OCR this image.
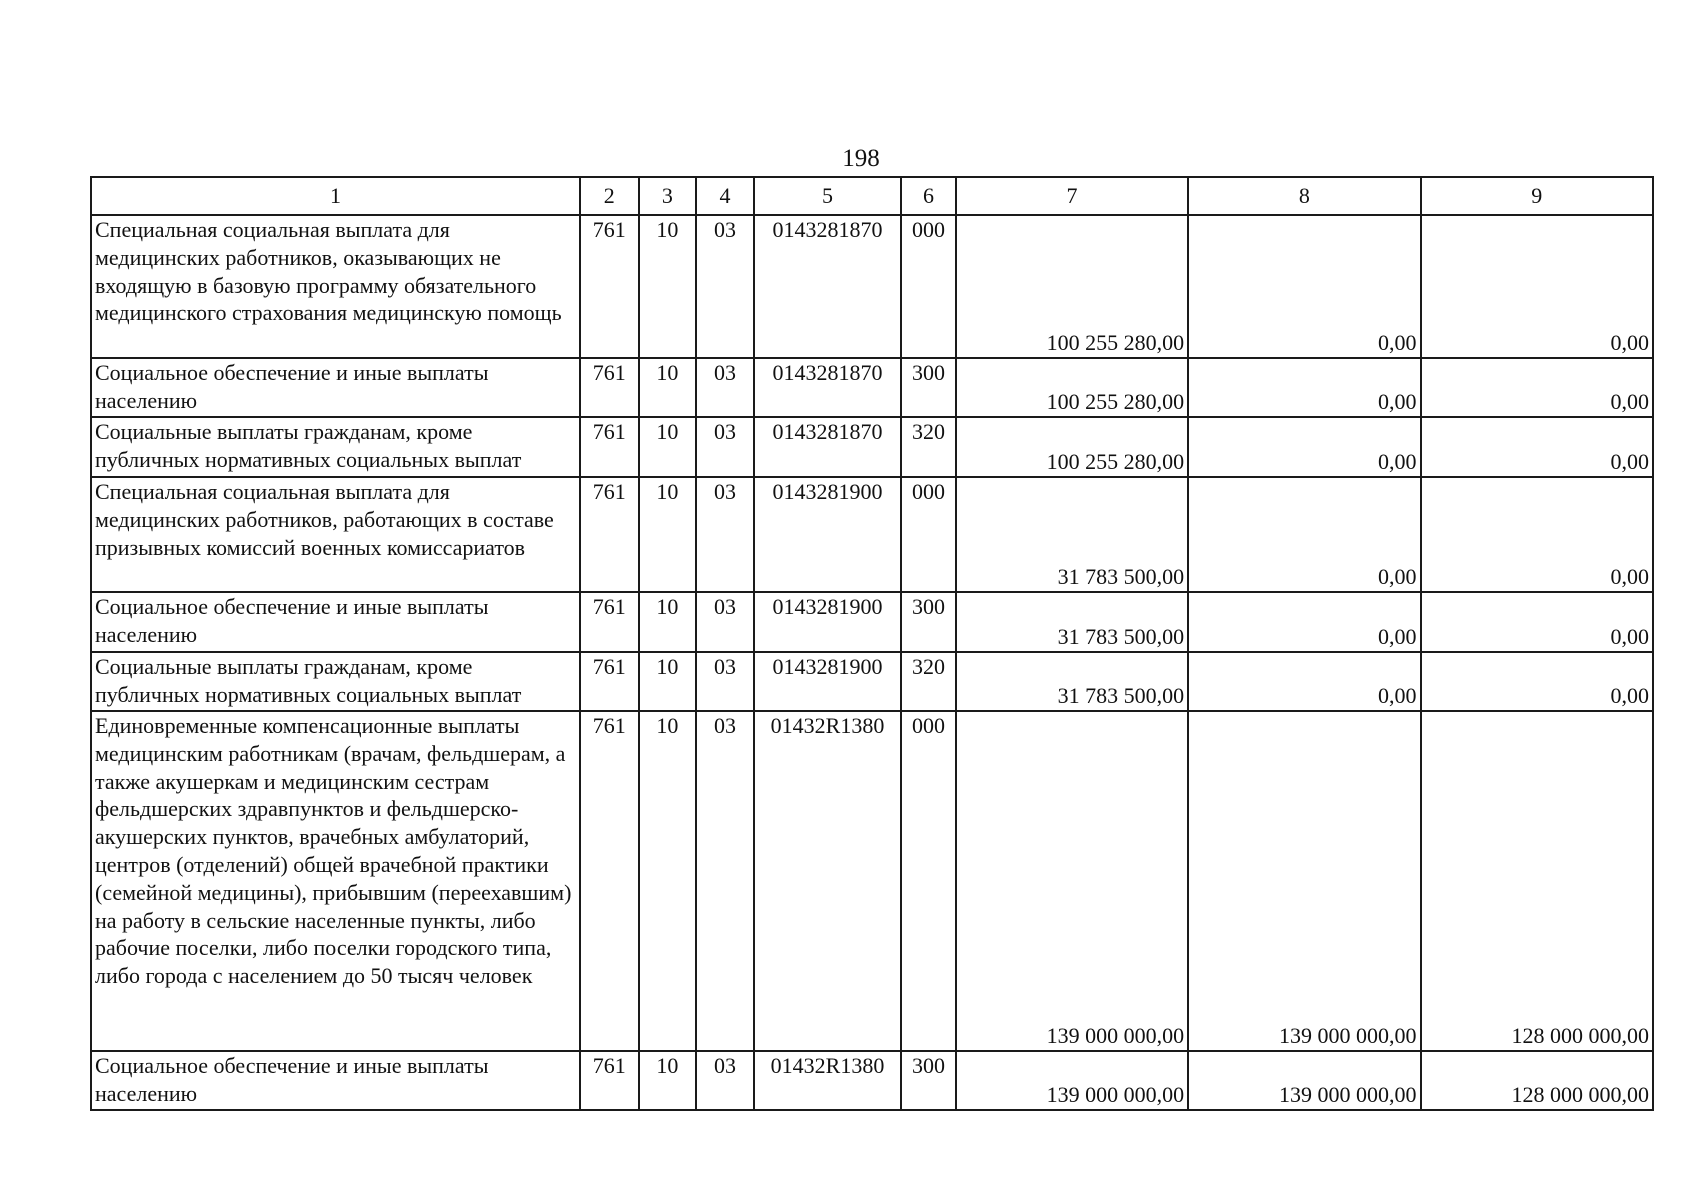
198
1	2	3	4	5	6	7	8	9
Специальная социальная выплата для медицинских работников, оказывающих не входящую в базовую программу обязательного медицинского страхования медицинскую помощь	761	10	03	0143281870	000	100 255 280,00	0,00	0,00
Социальное обеспечение и иные выплаты населению	761	10	03	0143281870	300	100 255 280,00	0,00	0,00
Социальные выплаты гражданам, кроме публичных нормативных социальных выплат	761	10	03	0143281870	320	100 255 280,00	0,00	0,00
Специальная социальная выплата для медицинских работников, работающих в составе призывных комиссий военных комиссариатов	761	10	03	0143281900	000	31 783 500,00	0,00	0,00
Социальное обеспечение и иные выплаты населению	761	10	03	0143281900	300	31 783 500,00	0,00	0,00
Социальные выплаты гражданам, кроме публичных нормативных социальных выплат	761	10	03	0143281900	320	31 783 500,00	0,00	0,00
Единовременные компенсационные выплаты медицинским работникам (врачам, фельдшерам, а также акушеркам и медицинским сестрам фельдшерских здравпунктов и фельдшерско-акушерских пунктов, врачебных амбулаторий, центров (отделений) общей врачебной практики (семейной медицины), прибывшим (переехавшим) на работу в сельские населенные пункты, либо рабочие поселки, либо поселки городского типа, либо города с населением до 50 тысяч человек	761	10	03	01432R1380	000	139 000 000,00	139 000 000,00	128 000 000,00
Социальное обеспечение и иные выплаты населению	761	10	03	01432R1380	300	139 000 000,00	139 000 000,00	128 000 000,00
